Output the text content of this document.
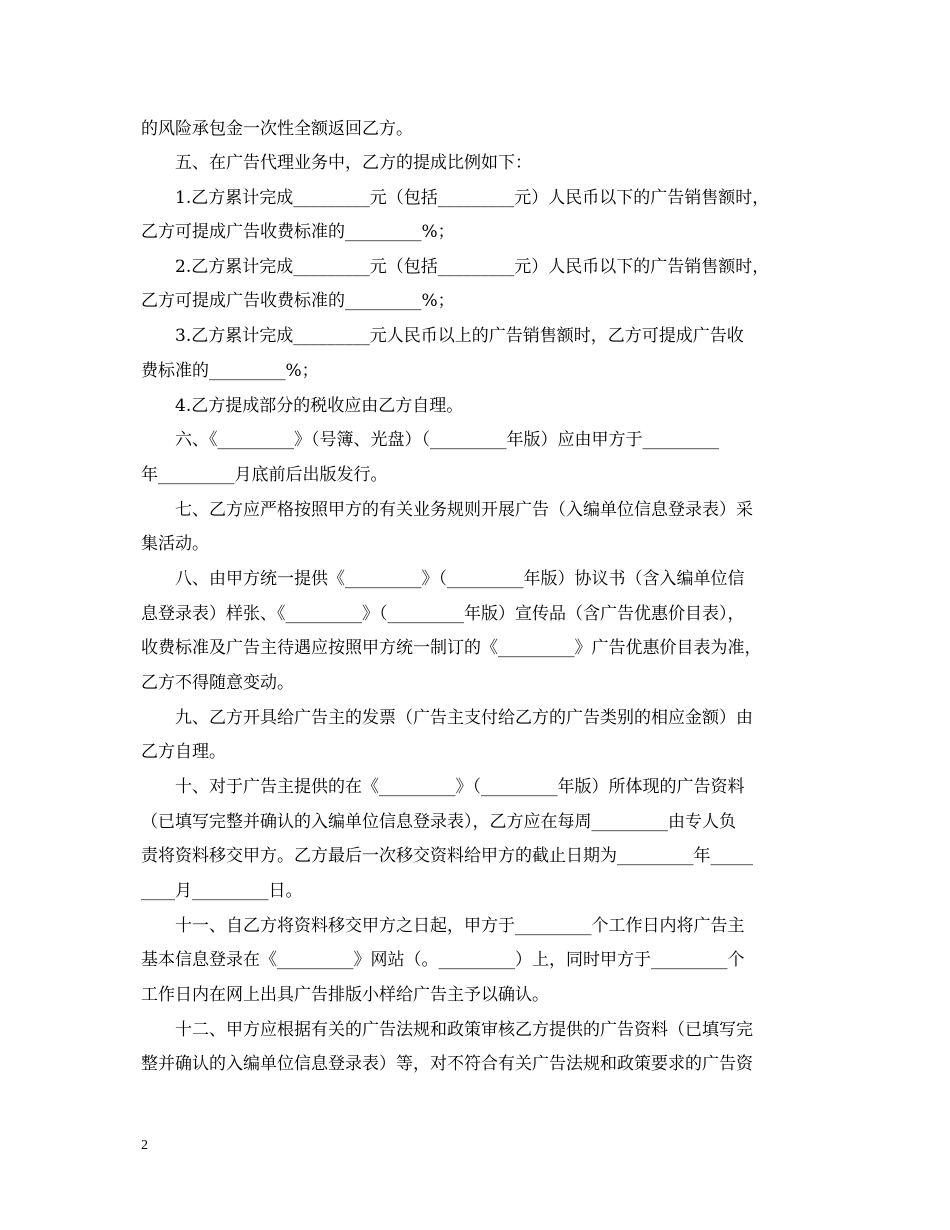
的风险承包金一次性全额返回乙方。
五、在广告代理业务中，乙方的提成比例如下：
1.乙方累计完成_________元（包括_________元）人民币以下的广告销售额时，
乙方可提成广告收费标准的_________%；
2.乙方累计完成_________元（包括_________元）人民币以下的广告销售额时，
乙方可提成广告收费标准的_________%；
3.乙方累计完成_________元人民币以上的广告销售额时，乙方可提成广告收
费标准的_________%；
4.乙方提成部分的税收应由乙方自理。
六、《_________》（号簿、光盘）（_________年版）应由甲方于_________
年_________月底前后出版发行。
七、乙方应严格按照甲方的有关业务规则开展广告（入编单位信息登录表）采
集活动。
八、由甲方统一提供《_________》（_________年版）协议书（含入编单位信
息登录表）样张、《_________》（_________年版）宣传品（含广告优惠价目表），
收费标准及广告主待遇应按照甲方统一制订的《_________》广告优惠价目表为准，
乙方不得随意变动。
九、乙方开具给广告主的发票（广告主支付给乙方的广告类别的相应金额）由
乙方自理。
十、对于广告主提供的在《_________》（_________年版）所体现的广告资料
（已填写完整并确认的入编单位信息登录表），乙方应在每周_________由专人负
责将资料移交甲方。乙方最后一次移交资料给甲方的截止日期为_________年_____
____月_________日。
十一、自乙方将资料移交甲方之日起，甲方于_________个工作日内将广告主
基本信息登录在《_________》网站（。_________）上，同时甲方于_________个
工作日内在网上出具广告排版小样给广告主予以确认。
十二、甲方应根据有关的广告法规和政策审核乙方提供的广告资料（已填写完
整并确认的入编单位信息登录表）等，对不符合有关广告法规和政策要求的广告资
2
